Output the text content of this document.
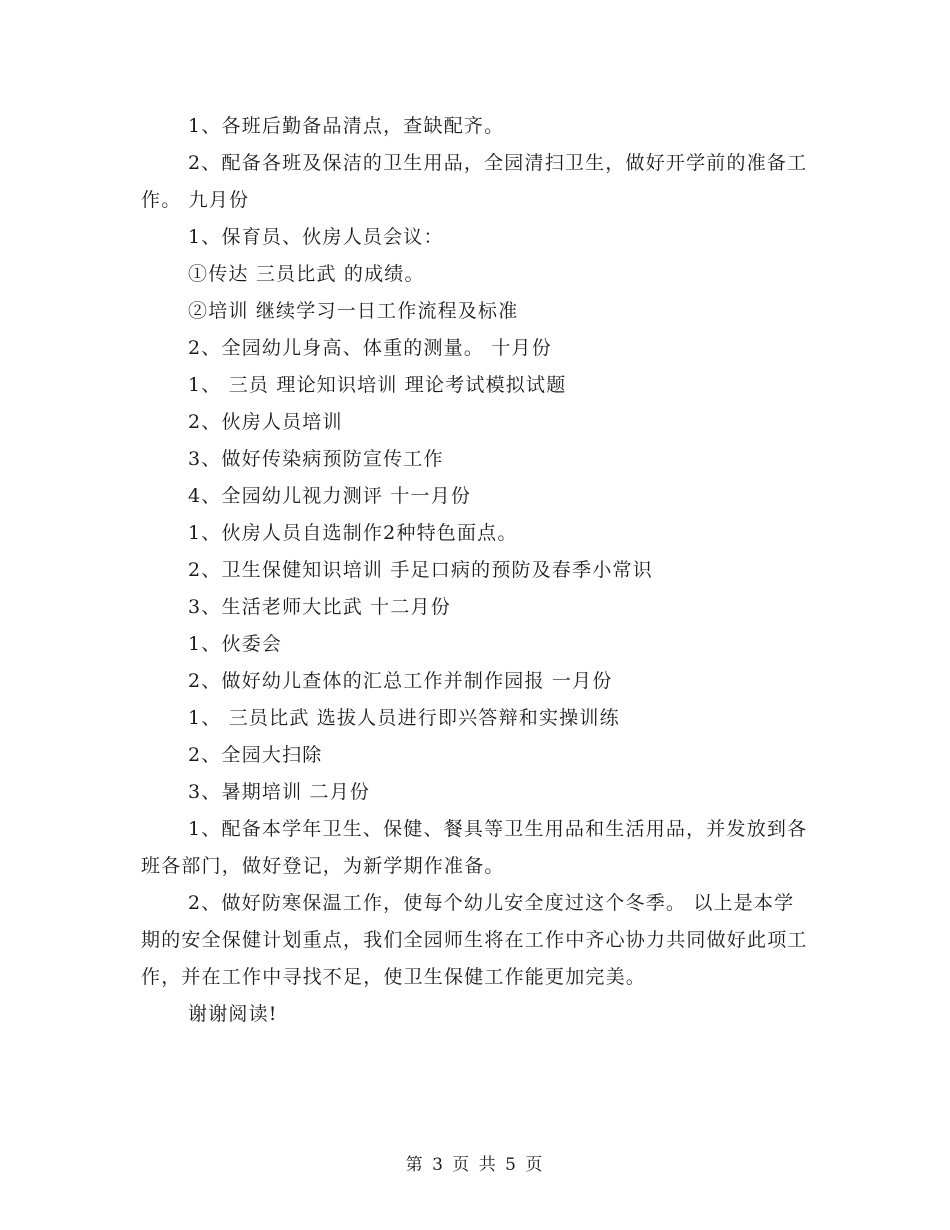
1、各班后勤备品清点，查缺配齐。

2、配备各班及保洁的卫生用品，全园清扫卫生，做好开学前的准备工作。 九月份

1、保育员、伙房人员会议：

①传达 三员比武 的成绩。

②培训 继续学习一日工作流程及标准

2、全园幼儿身高、体重的测量。 十月份

1、 三员 理论知识培训 理论考试模拟试题

2、伙房人员培训

3、做好传染病预防宣传工作

4、全园幼儿视力测评 十一月份

1、伙房人员自选制作2种特色面点。

2、卫生保健知识培训 手足口病的预防及春季小常识

3、生活老师大比武 十二月份

1、伙委会

2、做好幼儿查体的汇总工作并制作园报 一月份

1、 三员比武 选拔人员进行即兴答辩和实操训练

2、全园大扫除

3、暑期培训 二月份

1、配备本学年卫生、保健、餐具等卫生用品和生活用品，并发放到各班各部门，做好登记，为新学期作准备。

2、做好防寒保温工作，使每个幼儿安全度过这个冬季。 以上是本学期的安全保健计划重点，我们全园师生将在工作中齐心协力共同做好此项工作，并在工作中寻找不足，使卫生保健工作能更加完美。

谢谢阅读!

第 3 页 共 5 页
